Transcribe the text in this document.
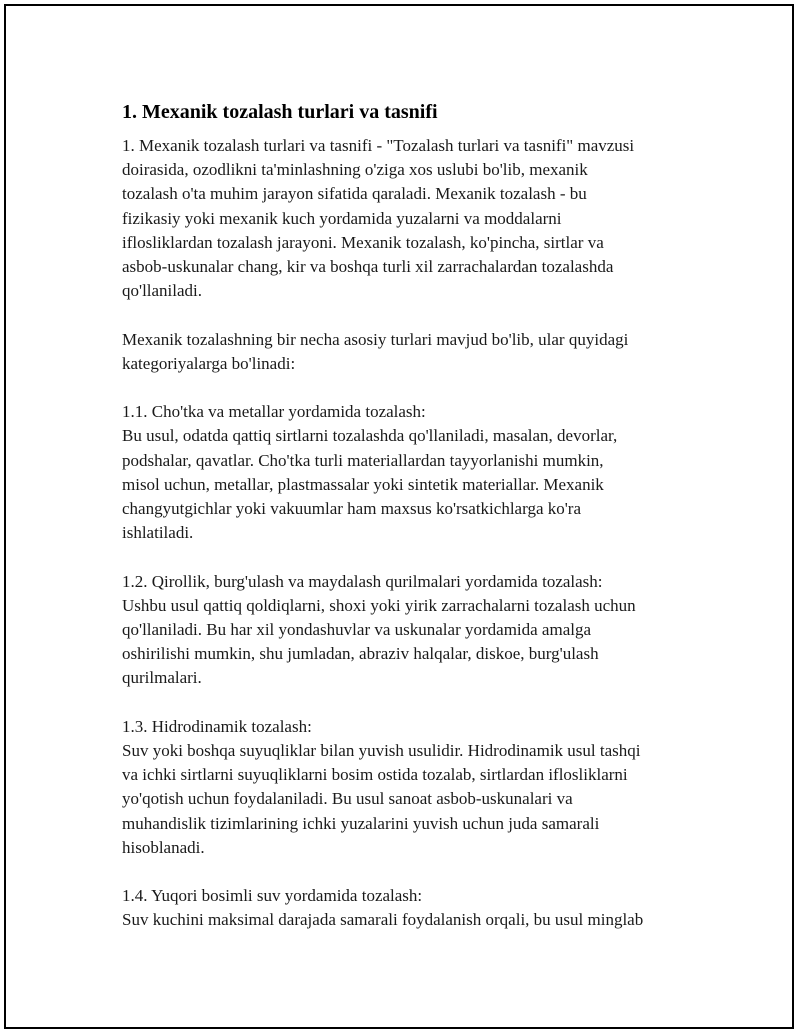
1. Mexanik tozalash turlari va tasnifi
1. Mexanik tozalash turlari va tasnifi - "Tozalash turlari va tasnifi" mavzusi
doirasida, ozodlikni ta'minlashning o'ziga xos uslubi bo'lib, mexanik
tozalash o'ta muhim jarayon sifatida qaraladi. Mexanik tozalash - bu
fizikasiy yoki mexanik kuch yordamida yuzalarni va moddalarni
iflosliklardan tozalash jarayoni. Mexanik tozalash, ko'pincha, sirtlar va
asbob-uskunalar chang, kir va boshqa turli xil zarrachalardan tozalashda
qo'llaniladi.
Mexanik tozalashning bir necha asosiy turlari mavjud bo'lib, ular quyidagi
kategoriyalarga bo'linadi:
1.1. Cho'tka va metallar yordamida tozalash:
Bu usul, odatda qattiq sirtlarni tozalashda qo'llaniladi, masalan, devorlar,
podshalar, qavatlar. Cho'tka turli materiallardan tayyorlanishi mumkin,
misol uchun, metallar, plastmassalar yoki sintetik materiallar. Mexanik
changyutgichlar yoki vakuumlar ham maxsus ko'rsatkichlarga ko'ra
ishlatiladi.
1.2. Qirollik, burg'ulash va maydalash qurilmalari yordamida tozalash:
Ushbu usul qattiq qoldiqlarni, shoxi yoki yirik zarrachalarni tozalash uchun
qo'llaniladi. Bu har xil yondashuvlar va uskunalar yordamida amalga
oshirilishi mumkin, shu jumladan, abraziv halqalar, diskoe, burg'ulash
qurilmalari.
1.3. Hidrodinamik tozalash:
Suv yoki boshqa suyuqliklar bilan yuvish usulidir. Hidrodinamik usul tashqi
va ichki sirtlarni suyuqliklarni bosim ostida tozalab, sirtlardan iflosliklarni
yo'qotish uchun foydalaniladi. Bu usul sanoat asbob-uskunalari va
muhandislik tizimlarining ichki yuzalarini yuvish uchun juda samarali
hisoblanadi.
1.4. Yuqori bosimli suv yordamida tozalash:
Suv kuchini maksimal darajada samarali foydalanish orqali, bu usul minglab
